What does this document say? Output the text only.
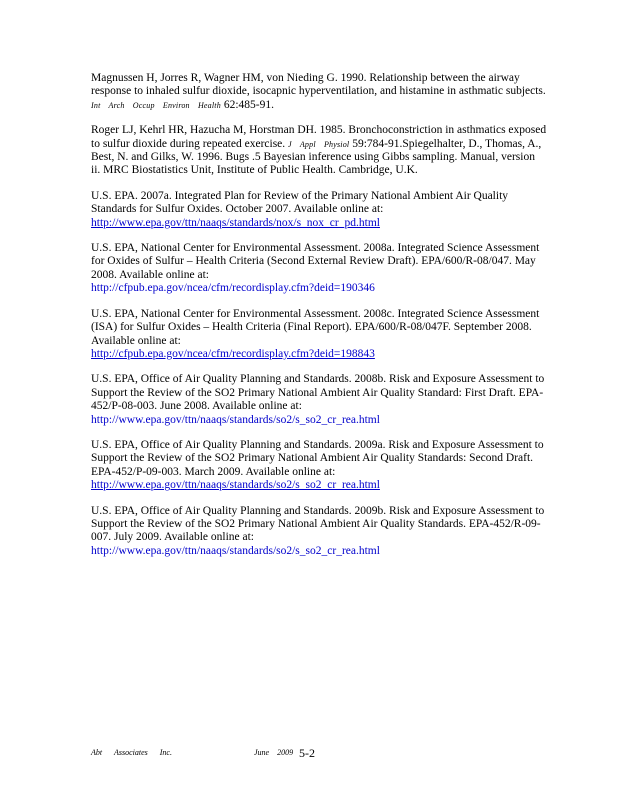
Magnussen H, Jorres R, Wagner HM, von Nieding G. 1990. Relationship between the airway response to inhaled sulfur dioxide, isocapnic hyperventilation, and histamine in asthmatic subjects. Int Arch Occup Environ Health 62:485-91.

Roger LJ, Kehrl HR, Hazucha M, Horstman DH. 1985. Bronchoconstriction in asthmatics exposed to sulfur dioxide during repeated exercise. J Appl Physiol 59:784-91.Spiegelhalter, D., Thomas, A., Best, N. and Gilks, W. 1996. Bugs .5 Bayesian inference using Gibbs sampling. Manual, version ii. MRC Biostatistics Unit, Institute of Public Health. Cambridge, U.K.

U.S. EPA. 2007a. Integrated Plan for Review of the Primary National Ambient Air Quality Standards for Sulfur Oxides. October 2007. Available online at:
http://www.epa.gov/ttn/naaqs/standards/nox/s_nox_cr_pd.html

U.S. EPA, National Center for Environmental Assessment. 2008a. Integrated Science Assessment for Oxides of Sulfur – Health Criteria (Second External Review Draft). EPA/600/R-08/047. May 2008. Available online at:
http://cfpub.epa.gov/ncea/cfm/recordisplay.cfm?deid=190346

U.S. EPA, National Center for Environmental Assessment. 2008c. Integrated Science Assessment (ISA) for Sulfur Oxides – Health Criteria (Final Report). EPA/600/R-08/047F. September 2008. Available online at:
http://cfpub.epa.gov/ncea/cfm/recordisplay.cfm?deid=198843

U.S. EPA, Office of Air Quality Planning and Standards. 2008b. Risk and Exposure Assessment to Support the Review of the SO2 Primary National Ambient Air Quality Standard: First Draft. EPA-452/P-08-003. June 2008. Available online at:
http://www.epa.gov/ttn/naaqs/standards/so2/s_so2_cr_rea.html

U.S. EPA, Office of Air Quality Planning and Standards. 2009a. Risk and Exposure Assessment to Support the Review of the SO2 Primary National Ambient Air Quality Standards: Second Draft. EPA-452/P-09-003. March 2009. Available online at:
http://www.epa.gov/ttn/naaqs/standards/so2/s_so2_cr_rea.html

U.S. EPA, Office of Air Quality Planning and Standards. 2009b. Risk and Exposure Assessment to Support the Review of the SO2 Primary National Ambient Air Quality Standards. EPA-452/R-09-007. July 2009. Available online at:
http://www.epa.gov/ttn/naaqs/standards/so2/s_so2_cr_rea.html

Abt Associates Inc.	June 2009 5-2
